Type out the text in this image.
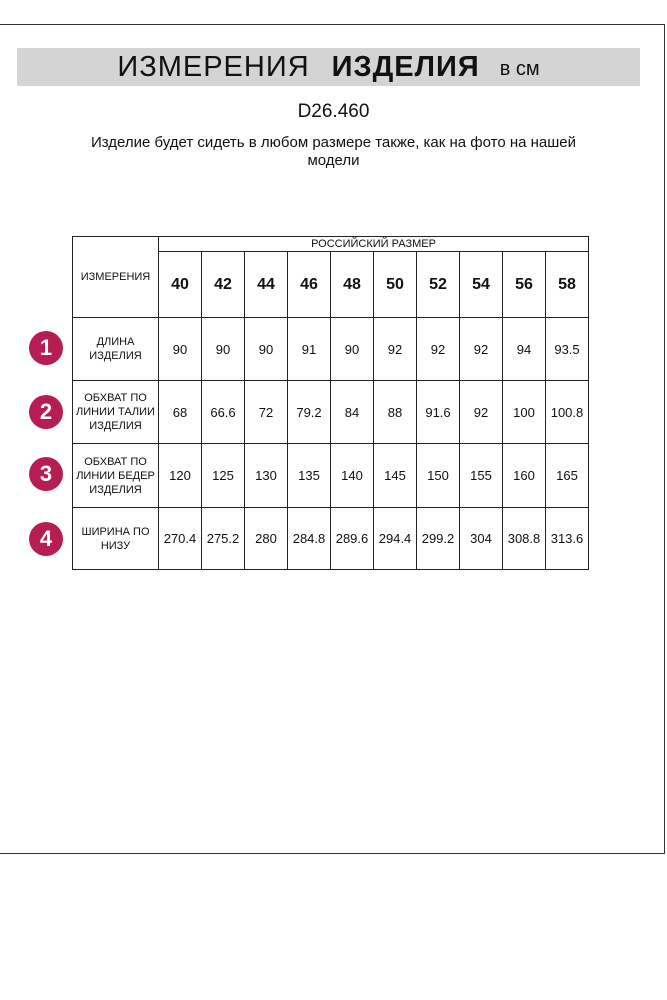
ИЗМЕРЕНИЯ ИЗДЕЛИЯ в см
D26.460
Изделие будет сидеть в любом размере также, как на фото на нашей модели
ИЗМЕРЕНИЯ	РОССИЙСКИЙ РАЗМЕР									
	40	42	44	46	48	50	52	54	56	58
ДЛИНА ИЗДЕЛИЯ	90	90	90	91	90	92	92	92	94	93.5
ОБХВАТ ПО ЛИНИИ ТАЛИИ ИЗДЕЛИЯ	68	66.6	72	79.2	84	88	91.6	92	100	100.8
ОБХВАТ ПО ЛИНИИ БЕДЕР ИЗДЕЛИЯ	120	125	130	135	140	145	150	155	160	165
ШИРИНА ПО НИЗУ	270.4	275.2	280	284.8	289.6	294.4	299.2	304	308.8	313.6
1
2
3
4
